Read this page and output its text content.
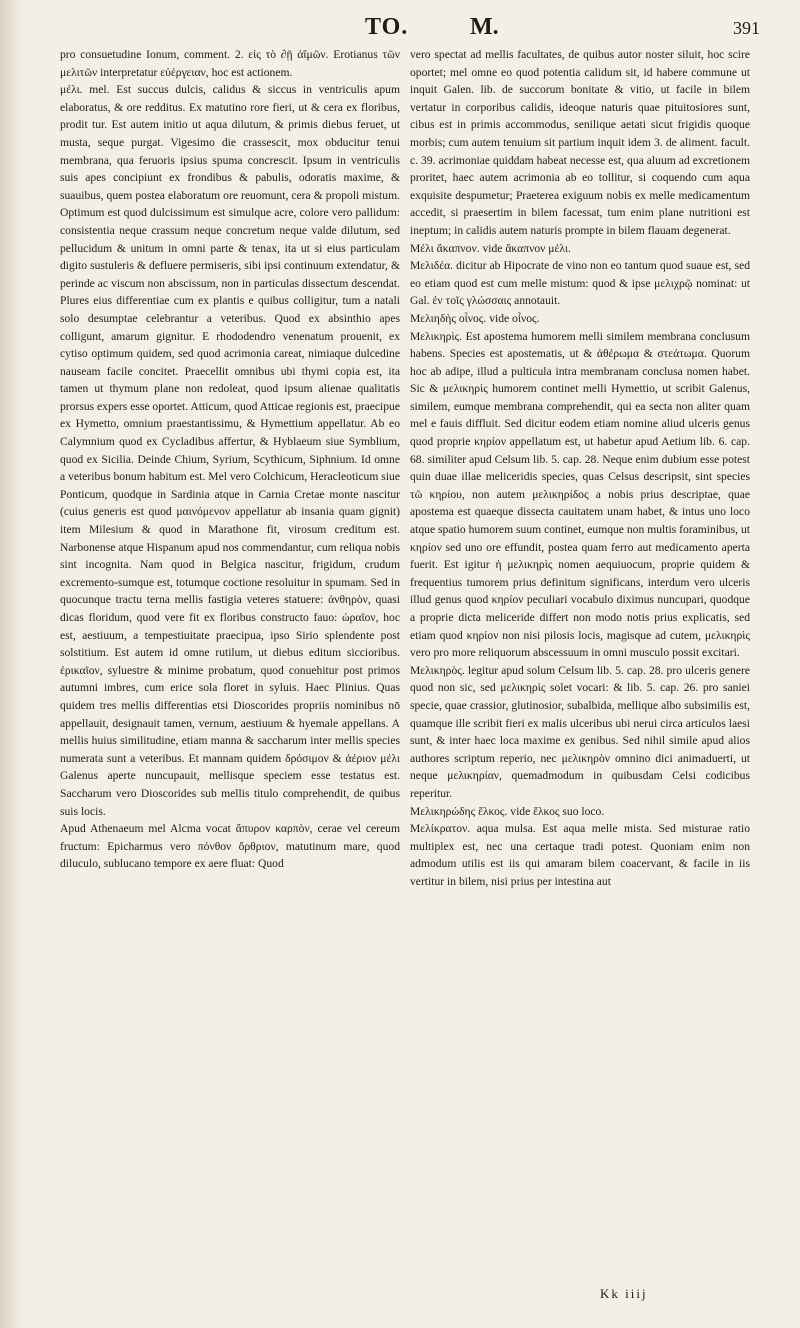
TO.	M.	391

pro consuetudine Ionum, comment. 2. εἰς τὸ ∂ῇ ἀΐμῶν. Erotianus τῶν μελιτῶν interpretatur εὐέργειαν, hoc est actionem.

μέλι. mel. Est succus dulcis, calidus & siccus in ventriculis apum elaboratus, & ore redditus. Ex matutino rore fieri, ut & cera ex floribus, prodit tur. Est autem initio ut aqua dilutum, & primis diebus feruet, ut musta, seque purgat. Vigesimo die crassescit, mox obducitur tenui membrana, qua feruoris ipsius spuma concrescit. Ipsum in ventriculis suis apes concipiunt ex frondibus & pabulis, odoratis maxime, & suauibus, quem postea elaboratum ore reuomunt, cera & propoli mistum. Optimum est quod dulcissimum est simulque acre, colore vero pallidum: consistentia neque crassum neque concretum neque valde dilutum, sed pellucidum & unitum in omni parte & tenax, ita ut si eius particulam digito sustuleris & defluere permiseris, sibi ipsi continuum extendatur, & perinde ac viscum non abscissum, non in particulas dissectum descendat. Plures eius differentiae cum ex plantis e quibus colligitur, tum a natali solo desumptae celebrantur a veteribus. Quod ex absinthio apes colligunt, amarum gignitur. E rhododendro venenatum prouenit, ex cytiso optimum quidem, sed quod acrimonia careat, nimiaque dulcedine nauseam facile concitet. Praecellit omnibus ubi thymi copia est, ita tamen ut thymum plane non redoleat, quod ipsum alienae qualitatis prorsus expers esse oportet. Atticum, quod Atticae regionis est, praecipue ex Hymetto, omnium praestantissimu, & Hymettium appellatur. Ab eo Calymnium quod ex Cycladibus affertur, & Hyblaeum siue Symblium, quod ex Sicilia. Deinde Chium, Syrium, Scythicum, Siphnium. Id omne a veteribus bonum habitum est. Mel vero Colchicum, Heracleoticum siue Ponticum, quodque in Sardinia atque in Carnia Cretae monte nascitur (cuius generis est quod μαινόμενον appellatur ab insania quam gignit) item Milesium & quod in Marathone fit, virosum creditum est. Narbonense atque Hispanum apud nos commendantur, cum reliqua nobis sint incognita. Nam quod in Belgica nascitur, frigidum, crudum excremento-sumque est, totumque coctione resoluitur in spumam. Sed in quocunque tractu terna mellis fastigia veteres statuere: ἀνθηρὸν, quasi dicas floridum, quod vere fit ex floribus constructo fauo: ὡραῖον, hoc est, aestiuum, a tempestiuitate praecipua, ipso Sirio splendente post solstitium. Est autem id omne rutilum, ut diebus editum siccioribus. ἐρικαῖον, syluestre & minime probatum, quod conuehitur post primos autumni imbres, cum erice sola floret in syluis. Haec Plinius. Quas quidem tres mellis differentias etsi Dioscorides propriis nominibus nō appellauit, designauit tamen, vernum, aestiuum & hyemale appellans. A mellis huius similitudine, etiam manna & saccharum inter mellis species numerata sunt a veteribus. Et mannam quidem δρόσιμον & ἀέριον μέλι Galenus aperte nuncupauit, mellisque speciem esse testatus est. Saccharum vero Dioscorides sub mellis titulo comprehendit, de quibus suis locis.

Apud Athenaeum mel Alcma vocat ἄπυρον καρπὸν, cerae vel cereum fructum: Epicharmus vero πόνθον ὄρθριον, matutinum mare, quod diluculo, sublucano tempore ex aere fluat: Quod

vero spectat ad mellis facultates, de quibus autor noster siluit, hoc scire oportet; mel omne eo quod potentia calidum sit, id habere commune ut inquit Galen. lib. de succorum bonitate & vitio, ut facile in bilem vertatur in corporibus calidis, ideoque naturis quae pituitosiores sunt, cibus est in primis accommodus, senilique aetati sicut frigidis quoque morbis; cum autem tenuium sit partium inquit idem 3. de aliment. facult. c. 39. acrimoniae quiddam habeat necesse est, qua aluum ad excretionem proritet, haec autem acrimonia ab eo tollitur, si coquendo cum aqua exquisite despumetur; Praeterea exiguum nobis ex melle medicamentum accedit, si praesertim in bilem facessat, tum enim plane nutritioni est ineptum; in calidis autem naturis prompte in bilem flauam degenerat.

Μέλι ἄκαπνον. vide ἄκαπνον μέλι.

Μελιδέα. dicitur ab Hipocrate de vino non eo tantum quod suaue est, sed eo etiam quod est cum melle mistum: quod & ipse μελιχρῷ nominat: ut Gal. ἐν τοῖς γλώσσαις annotauit.

Μελιηδὴς οἶνος. vide οἶνος.

Μελικηρὶς. Est apostema humorem melli similem membrana conclusum habens. Species est apostematis, ut & ἀθέρωμα & στεάτωμα. Quorum hoc ab adipe, illud a pulticula intra membranam conclusa nomen habet. Sic & μελικηρὶς humorem continet melli Hymettio, ut scribit Galenus, similem, eumque membrana comprehendit, qui ea secta non aliter quam mel e fauis diffluit. Sed dicitur eodem etiam nomine aliud ulceris genus quod proprie κηρίον appellatum est, ut habetur apud Aetium lib. 6. cap. 68. similiter apud Celsum lib. 5. cap. 28. Neque enim dubium esse potest quin duae illae meliceridis species, quas Celsus descripsit, sint species τῶ κηρίου, non autem μελικηρίδος a nobis prius descriptae, quae apostema est quaeque dissecta cauitatem unam habet, & intus uno loco atque spatio humorem suum continet, eumque non multis foraminibus, ut κηρίον sed uno ore effundit, postea quam ferro aut medicamento aperta fuerit. Est igitur ἡ μελικηρὶς nomen aequiuocum, proprie quidem & frequentius tumorem prius definitum significans, interdum vero ulceris illud genus quod κηρίον peculiari vocabulo diximus nuncupari, quodque a proprie dicta meliceride differt non modo notis prius explicatis, sed etiam quod κηρίον non nisi pilosis locis, magisque ad cutem, μελικηρὶς vero pro more reliquorum abscessuum in omni musculo possit excitari.

Μελικηρὸς. legitur apud solum Celsum lib. 5. cap. 28. pro ulceris genere quod non sic, sed μελικηρὶς solet vocari: & lib. 5. cap. 26. pro saniei specie, quae crassior, glutinosior, subalbida, mellique albo subsimilis est, quamque ille scribit fieri ex malis ulceribus ubi nerui circa articulos laesi sunt, & inter haec loca maxime ex genibus. Sed nihil simile apud alios authores scriptum reperio, nec μελικηρὸν omnino dici animaduerti, ut neque μελικηρίαν, quemadmodum in quibusdam Celsi codicibus reperitur.

Μελικηρώδης ἕλκος. vide ἕλκος suo loco.

Μελίκρατον. aqua mulsa. Est aqua melle mista. Sed misturae ratio multiplex est, nec una certaque tradi potest. Quoniam enim non admodum utilis est iis qui amaram bilem coacervant, & facile in iis vertitur in bilem, nisi prius per intestina aut

Kk iiij
